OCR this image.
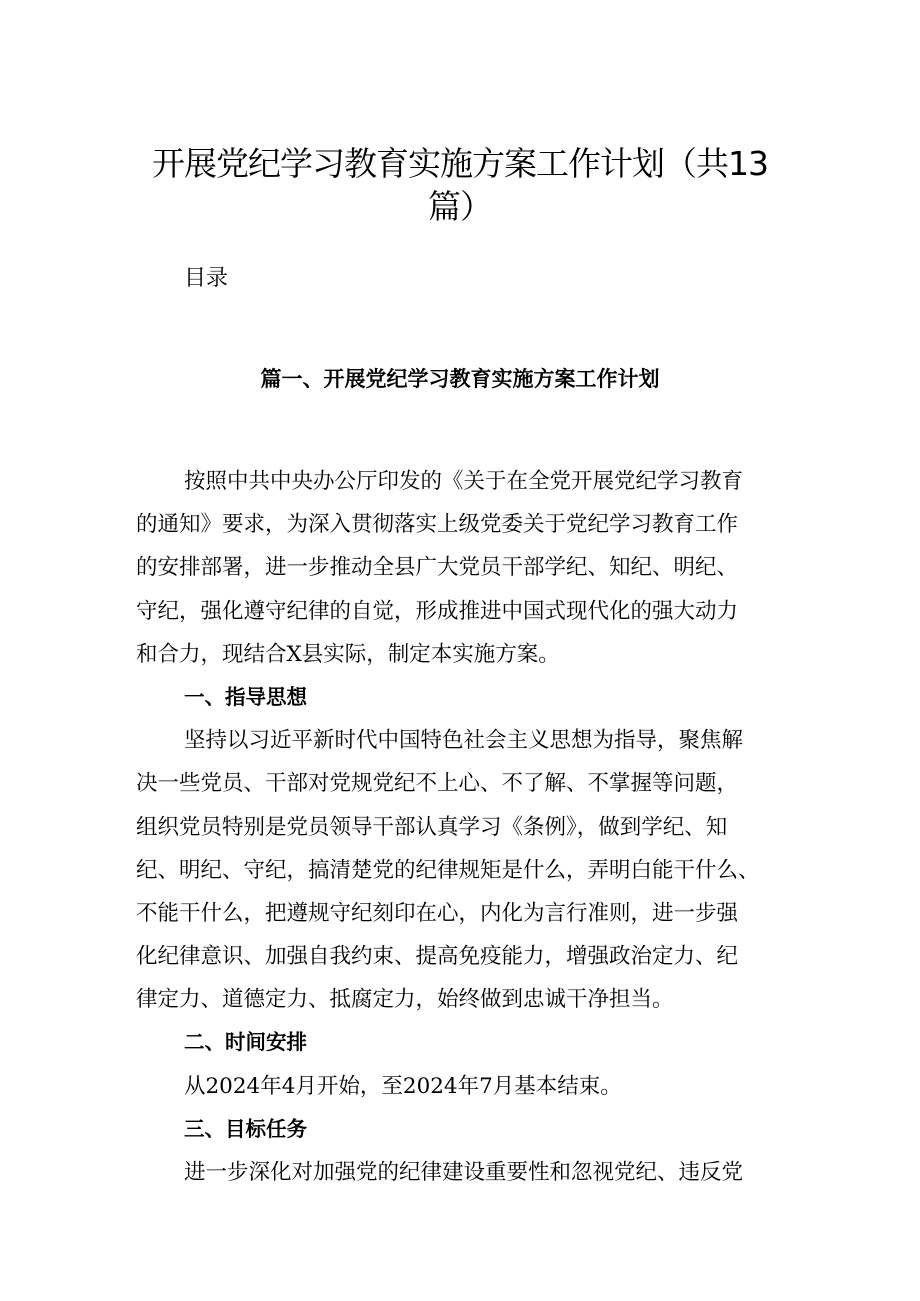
开展党纪学习教育实施方案工作计划（共13
篇）
目录
篇一、开展党纪学习教育实施方案工作计划
按照中共中央办公厅印发的《关于在全党开展党纪学习教育
的通知》要求，为深入贯彻落实上级党委关于党纪学习教育工作
的安排部署，进一步推动全县广大党员干部学纪、知纪、明纪、
守纪，强化遵守纪律的自觉，形成推进中国式现代化的强大动力
和合力，现结合X县实际，制定本实施方案。
一、指导思想
坚持以习近平新时代中国特色社会主义思想为指导，聚焦解
决一些党员、干部对党规党纪不上心、不了解、不掌握等问题，
组织党员特别是党员领导干部认真学习《条例》，做到学纪、知
纪、明纪、守纪，搞清楚党的纪律规矩是什么，弄明白能干什么、
不能干什么，把遵规守纪刻印在心，内化为言行准则，进一步强
化纪律意识、加强自我约束、提高免疫能力，增强政治定力、纪
律定力、道德定力、抵腐定力，始终做到忠诚干净担当。
二、时间安排
从2024年4月开始，至2024年7月基本结束。
三、目标任务
进一步深化对加强党的纪律建设重要性和忽视党纪、违反党
